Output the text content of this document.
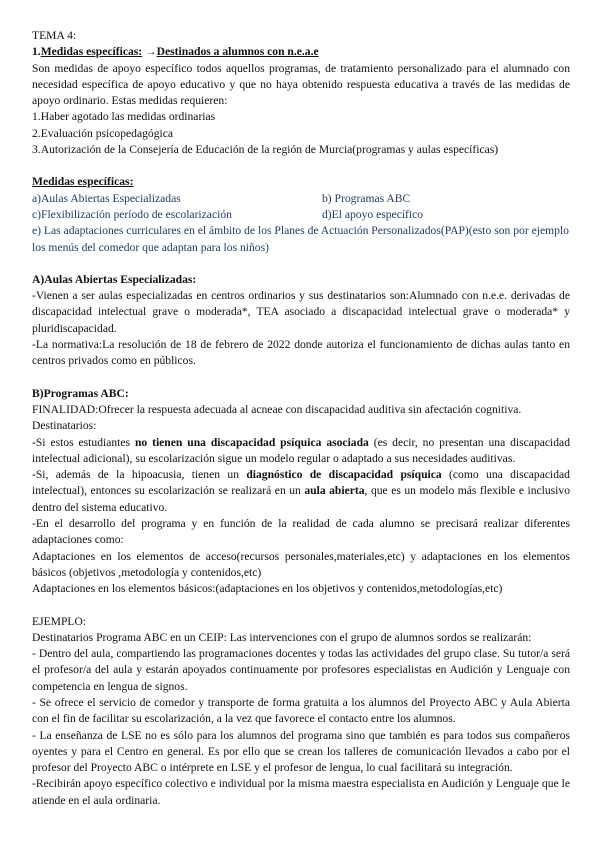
TEMA 4:

1.Medidas específicas: →Destinados a alumnos con n.e.a.e

Son medidas de apoyo específico todos aquellos programas, de tratamiento personalizado para el alumnado con necesidad específica de apoyo educativo y que no haya obtenido respuesta educativa a través de las medidas de apoyo ordinario. Estas medidas requieren:

1.Haber agotado las medidas ordinarias

2.Evaluación psicopedagógica

3.Autorización de la Consejería de Educación de la región de Murcia(programas y aulas específicas)

Medidas específicas:

a)Aulas Abiertas Especializadas	b) Programas ABC
c)Flexibilización período de escolarización	d)El apoyo específico

e) Las adaptaciones curriculares en el ámbito de los Planes de Actuación Personalizados(PAP)(esto son por ejemplo los menús del comedor que adaptan para los niños)

A)Aulas Abiertas Especializadas:

-Vienen a ser aulas especializadas en centros ordinarios y sus destinatarios son:Alumnado con n.e.e. derivadas de discapacidad intelectual grave o moderada*, TEA asociado a discapacidad intelectual grave o moderada* y pluridiscapacidad.

-La normativa:La resolución de 18 de febrero de 2022 donde autoriza el funcionamiento de dichas aulas tanto en centros privados como en públicos.

B)Programas ABC:

FINALIDAD:Ofrecer la respuesta adecuada al acneae con discapacidad auditiva sin afectación cognitiva.

Destinatarios:

-Si estos estudiantes no tienen una discapacidad psíquica asociada (es decir, no presentan una discapacidad intelectual adicional), su escolarización sigue un modelo regular o adaptado a sus necesidades auditivas.

-Si, además de la hipoacusia, tienen un diagnóstico de discapacidad psíquica (como una discapacidad intelectual), entonces su escolarización se realizará en un aula abierta, que es un modelo más flexible e inclusivo dentro del sistema educativo.

-En el desarrollo del programa y en función de la realidad de cada alumno se precisará realizar diferentes adaptaciones como:

Adaptaciones en los elementos de acceso(recursos personales,materiales,etc) y adaptaciones en los elementos básicos (objetivos ,metodología y contenidos,etc)

Adaptaciones en los elementos básicos:(adaptaciones en los objetivos y contenidos,metodologías,etc)

EJEMPLO:

Destinatarios Programa ABC en un CEIP: Las intervenciones con el grupo de alumnos sordos se realizarán:

- Dentro del aula, compartiendo las programaciones docentes y todas las actividades del grupo clase. Su tutor/a será el profesor/a del aula y estarán apoyados continuamente por profesores especialistas en Audición y Lenguaje con competencia en lengua de signos.

- Se ofrece el servicio de comedor y transporte de forma gratuita a los alumnos del Proyecto ABC y Aula Abierta con el fin de facilitar su escolarización, a la vez que favorece el contacto entre los alumnos.

- La enseñanza de LSE no es sólo para los alumnos del programa sino que también es para todos sus compañeros oyentes y para el Centro en general. Es por ello que se crean los talleres de comunicación llevados a cabo por el profesor del Proyecto ABC o intérprete en LSE y el profesor de lengua, lo cual facilitará su integración.

-Recibirán apoyo específico colectivo e individual por la misma maestra especialista en Audición y Lenguaje que le atiende en el aula ordinaria.
